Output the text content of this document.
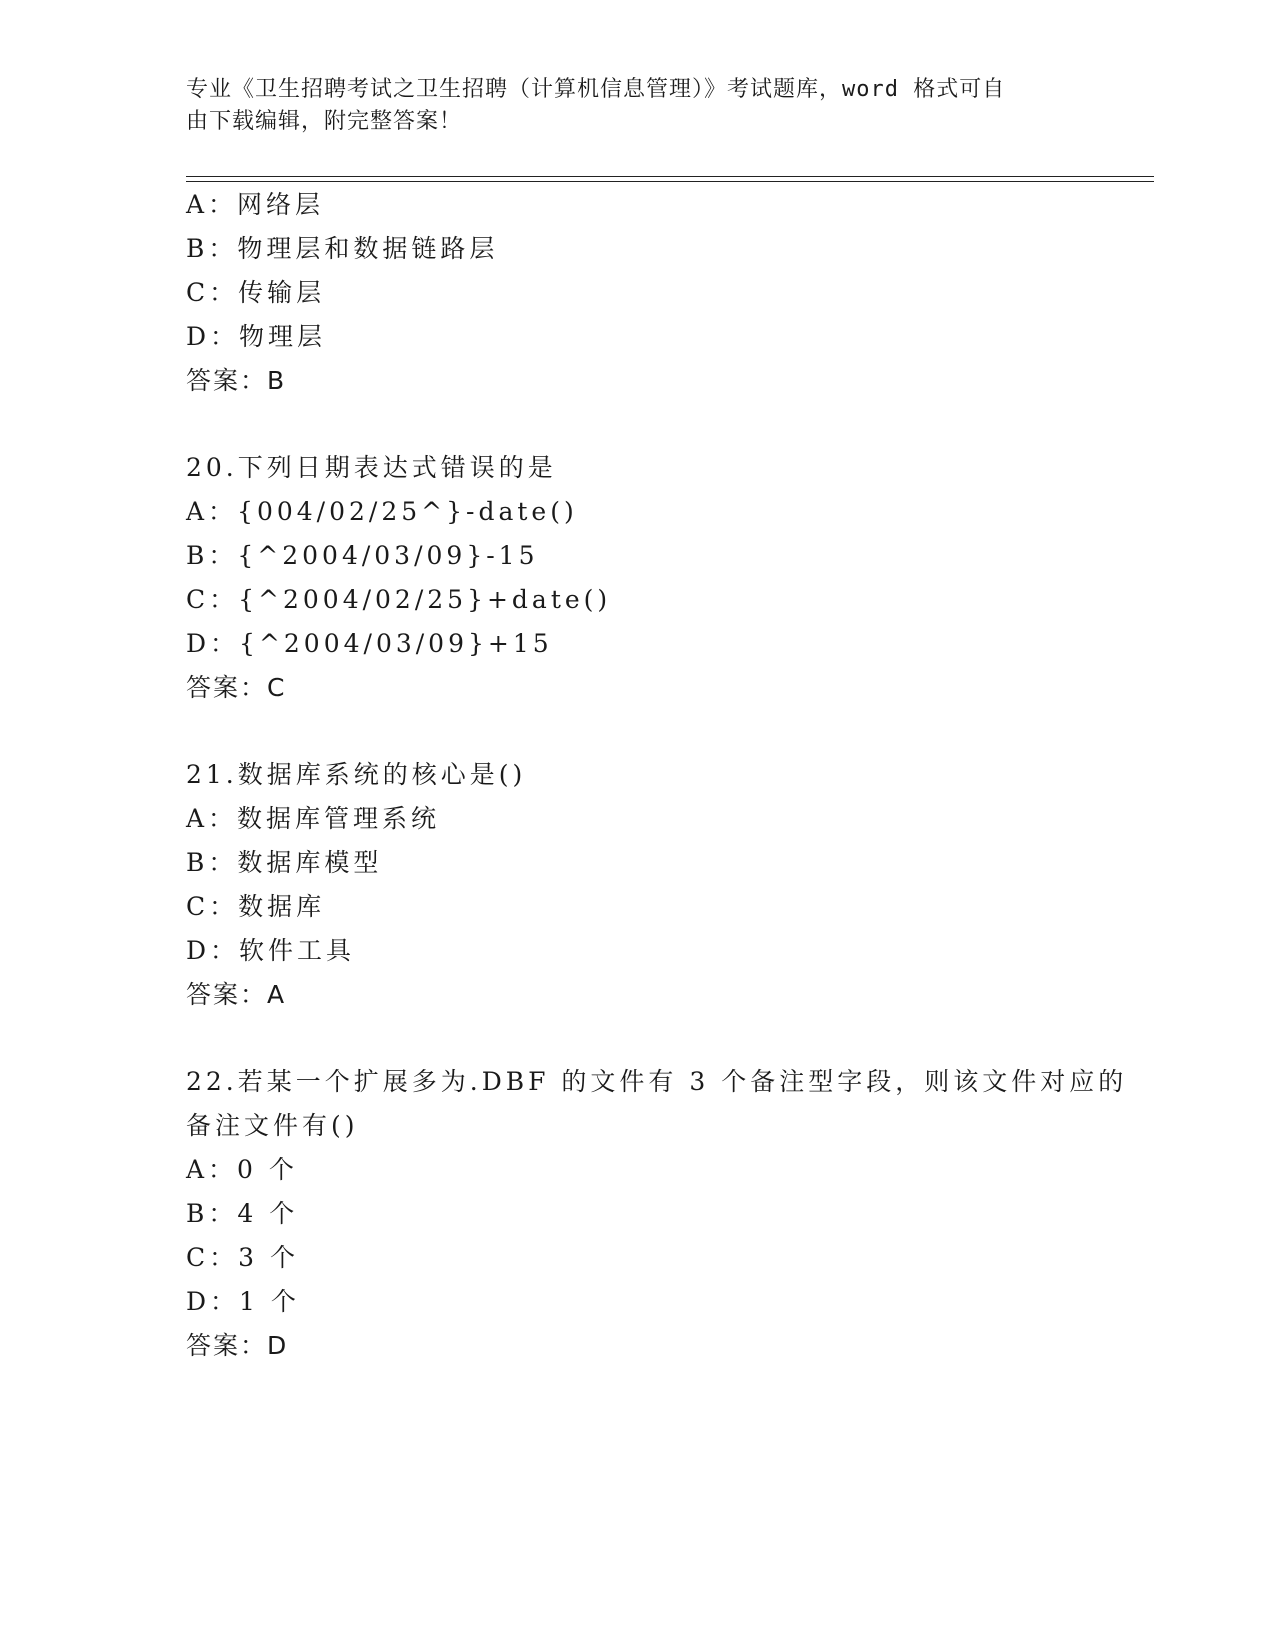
专业《卫生招聘考试之卫生招聘（计算机信息管理）》考试题库，word 格式可自
由下载编辑，附完整答案！
A：网络层
B：物理层和数据链路层
C：传输层
D：物理层
答案：B
20.下列日期表达式错误的是
A：{004/02/25^}-date()
B：{^2004/03/09}-15
C：{^2004/02/25}+date()
D：{^2004/03/09}+15
答案：C
21.数据库系统的核心是()
A：数据库管理系统
B：数据库模型
C：数据库
D：软件工具
答案：A
22.若某一个扩展多为.DBF 的文件有 3 个备注型字段，则该文件对应的
备注文件有()
A：0 个
B：4 个
C：3 个
D：1 个
答案：D
